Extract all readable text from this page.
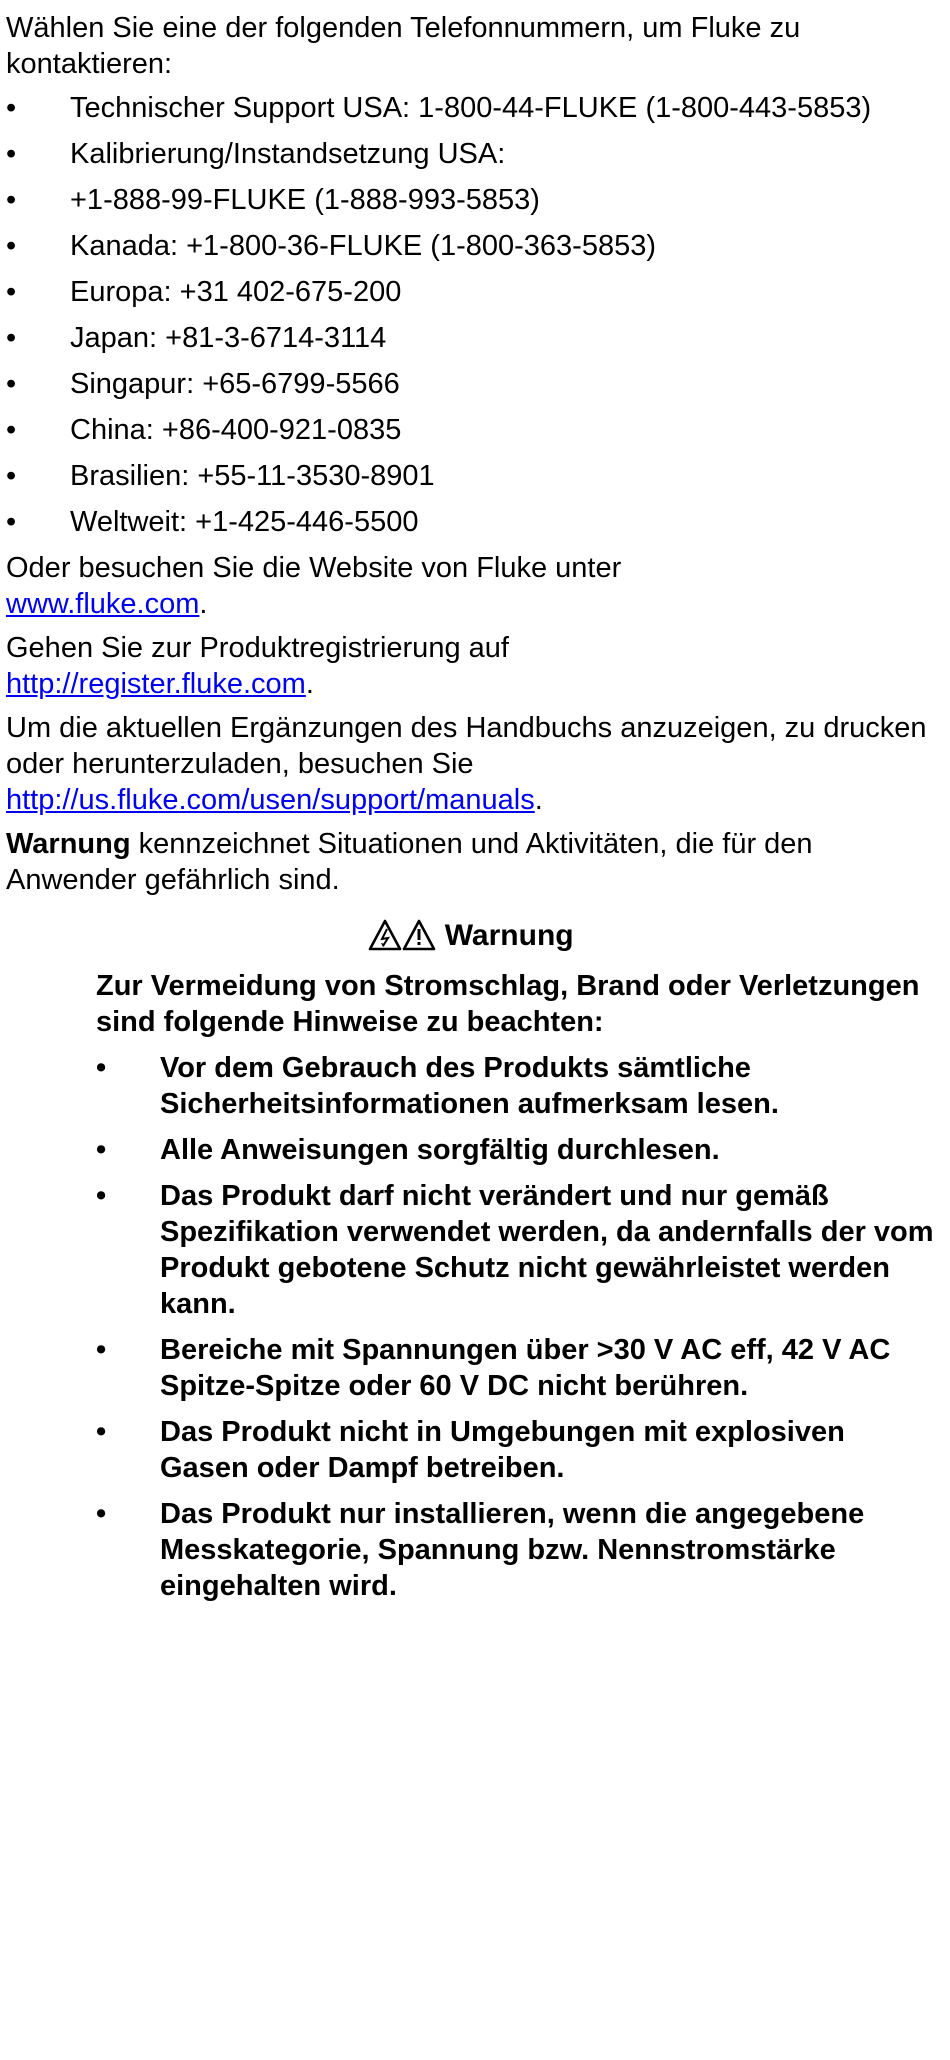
Wählen Sie eine der folgenden Telefonnummern, um Fluke zu kontaktieren:

• Technischer Support USA: 1-800-44-FLUKE (1-800-443-5853)
• Kalibrierung/Instandsetzung USA:
• +1-888-99-FLUKE (1-888-993-5853)
• Kanada: +1-800-36-FLUKE (1-800-363-5853)
• Europa: +31 402-675-200
• Japan: +81-3-6714-3114
• Singapur: +65-6799-5566
• China: +86-400-921-0835
• Brasilien: +55-11-3530-8901
• Weltweit: +1-425-446-5500

Oder besuchen Sie die Website von Fluke unter
www.fluke.com.

Gehen Sie zur Produktregistrierung auf
http://register.fluke.com.

Um die aktuellen Ergänzungen des Handbuchs anzuzeigen, zu drucken oder herunterzuladen, besuchen Sie
http://us.fluke.com/usen/support/manuals.

Warnung kennzeichnet Situationen und Aktivitäten, die für den Anwender gefährlich sind.

Warnung

Zur Vermeidung von Stromschlag, Brand oder Verletzungen sind folgende Hinweise zu beachten:

• Vor dem Gebrauch des Produkts sämtliche Sicherheitsinformationen aufmerksam lesen.
• Alle Anweisungen sorgfältig durchlesen.
• Das Produkt darf nicht verändert und nur gemäß Spezifikation verwendet werden, da andernfalls der vom Produkt gebotene Schutz nicht gewährleistet werden kann.
• Bereiche mit Spannungen über >30 V AC eff, 42 V AC Spitze-Spitze oder 60 V DC nicht berühren.
• Das Produkt nicht in Umgebungen mit explosiven Gasen oder Dampf betreiben.
• Das Produkt nur installieren, wenn die angegebene Messkategorie, Spannung bzw. Nennstromstärke eingehalten wird.
